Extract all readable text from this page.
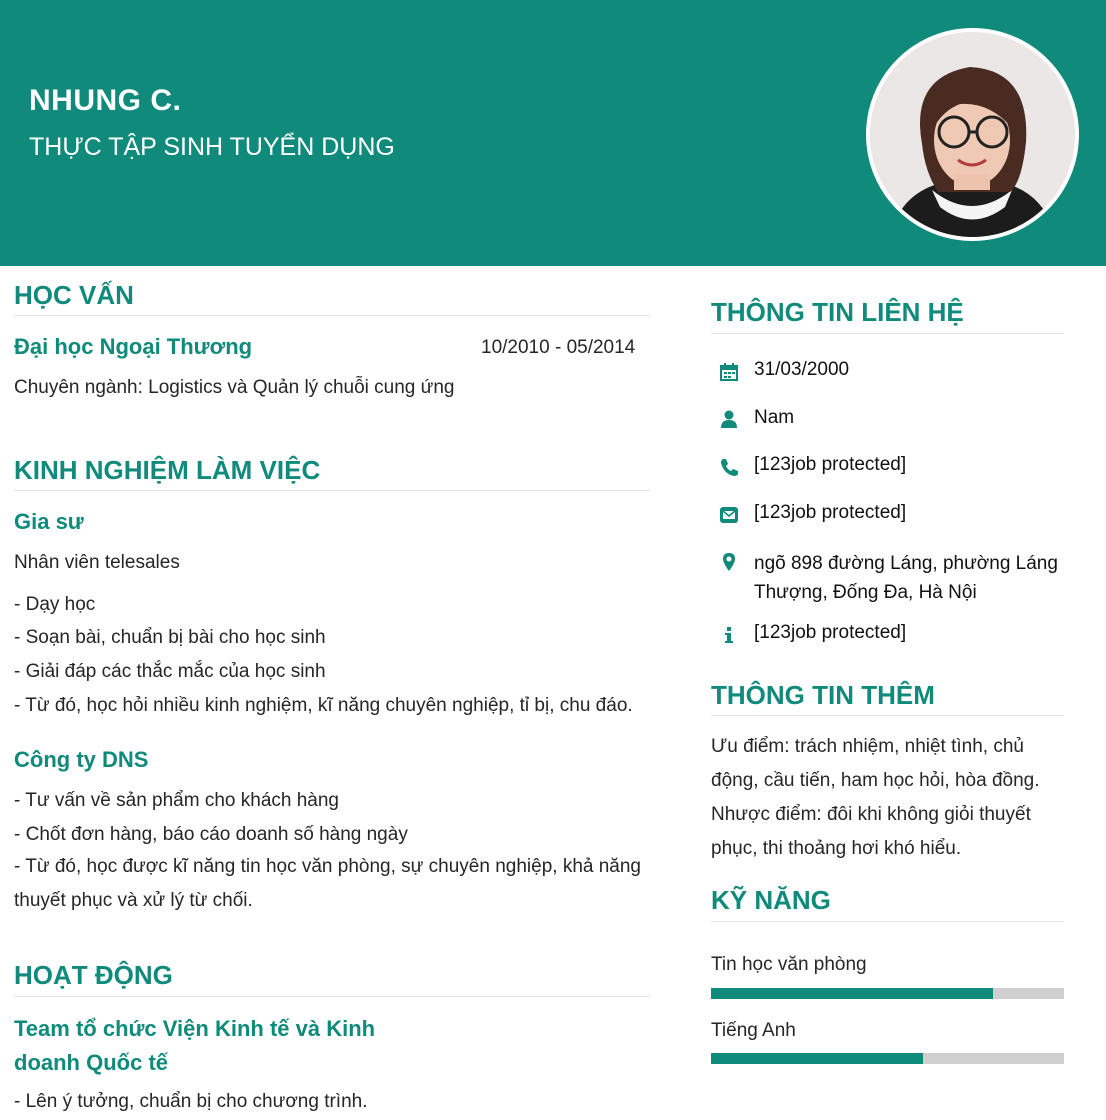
NHUNG C.
THỰC TẬP SINH TUYỂN DỤNG
HỌC VẤN
Đại học Ngoại Thương	10/2010 - 05/2014
Chuyên ngành: Logistics và Quản lý chuỗi cung ứng
KINH NGHIỆM LÀM VIỆC
Gia sư
Nhân viên telesales
- Dạy học
- Soạn bài, chuẩn bị bài cho học sinh
- Giải đáp các thắc mắc của học sinh
- Từ đó, học hỏi nhiều kinh nghiệm, kĩ năng chuyên nghiệp, tỉ bị, chu đáo.
Công ty DNS
- Tư vấn về sản phẩm cho khách hàng
- Chốt đơn hàng, báo cáo doanh số hàng ngày
- Từ đó, học được kĩ năng tin học văn phòng, sự chuyên nghiệp, khả năng thuyết phục và xử lý từ chối.
HOẠT ĐỘNG
Team tổ chức Viện Kinh tế và Kinh doanh Quốc tế
- Lên ý tưởng, chuẩn bị cho chương trình.
THÔNG TIN LIÊN HỆ
31/03/2000
Nam
[123job protected]
[123job protected]
ngõ 898 đường Láng, phường Láng Thượng, Đống Đa, Hà Nội
[123job protected]
THÔNG TIN THÊM
Ưu điểm: trách nhiệm, nhiệt tình, chủ động, cầu tiến, ham học hỏi, hòa đồng. Nhược điểm: đôi khi không giỏi thuyết phục, thi thoảng hơi khó hiểu.
KỸ NĂNG
Tin học văn phòng
Tiếng Anh
